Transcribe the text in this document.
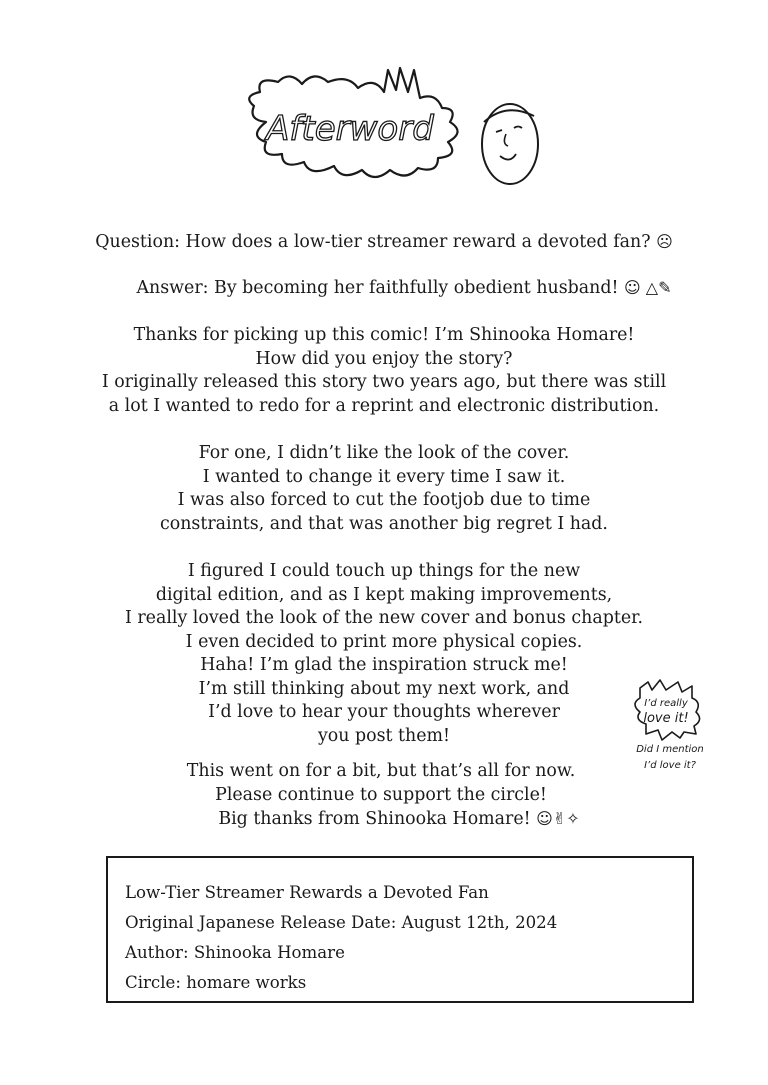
Afterword
Question: How does a low-tier streamer reward a devoted fan? ☹
Answer: By becoming her faithfully obedient husband! ☺ △✎
Thanks for picking up this comic! I’m Shinooka Homare!
How did you enjoy the story?
I originally released this story two years ago, but there was still
a lot I wanted to redo for a reprint and electronic distribution.
For one, I didn’t like the look of the cover.
I wanted to change it every time I saw it.
I was also forced to cut the footjob due to time
constraints, and that was another big regret I had.
I figured I could touch up things for the new
digital edition, and as I kept making improvements,
I really loved the look of the new cover and bonus chapter.
I even decided to print more physical copies.
Haha! I’m glad the inspiration struck me!
I’m still thinking about my next work, and
I’d love to hear your thoughts wherever
you post them!
This went on for a bit, but that’s all for now.
Please continue to support the circle!
Big thanks from Shinooka Homare! ☺✌✧
I’d really
love it!
Did I mention
I’d love it?
Low-Tier Streamer Rewards a Devoted Fan
Original Japanese Release Date: August 12th, 2024
Author: Shinooka Homare
Circle: homare works
